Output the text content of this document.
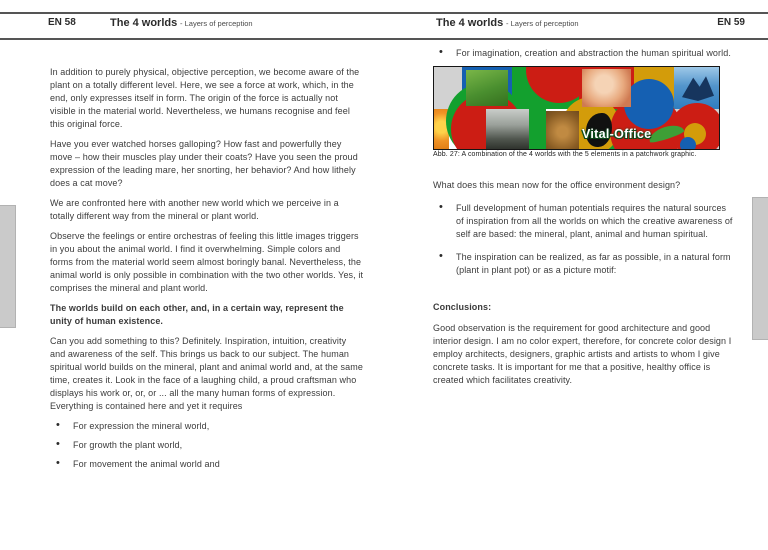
EN 58	The 4 worlds - Layers of perception	The 4 worlds - Layers of perception	EN 59

In addition to purely physical, objective perception, we become aware of the plant on a totally different level. Here, we see a force at work, which, in the end, only expresses itself in form. The origin of the force is actually not visible in the material world. Nevertheless, we humans recognise and feel this original force.

Have you ever watched horses galloping? How fast and powerfully they move – how their muscles play under their coats? Have you seen the proud expression of the leading mare, her snorting, her behavior? And how lithely does a cat move?

We are confronted here with another new world which we perceive in a totally different way from the mineral or plant world.

Observe the feelings or entire orchestras of feeling this little images triggers in you about the animal world. I find it overwhelming. Simple colors and forms from the material world seem almost boringly banal. Nevertheless, the animal world is only possible in combination with the two other worlds. Yes, it comprises the mineral and plant world.

The worlds build on each other, and, in a certain way, represent the unity of human existence.

Can you add something to this? Definitely. Inspiration, intuition, creativity and awareness of the self. This brings us back to our subject. The human spiritual world builds on the mineral, plant and animal world and, at the same time, creates it. Look in the face of a laughing child, a proud craftsman who displays his work or, or, or ... all the many human forms of expression. Everything is contained here and yet it requires

• For expression the mineral world,
• For growth the plant world,
• For movement the animal world and
• For imagination, creation and abstraction the human spiritual world.
Vital-Office

Abb. 27: A combination of the 4 worlds with the 5 elements in a patchwork graphic.

What does this mean now for the office environment design?

• Full development of human potentials requires the natural sources of inspiration from all the worlds on which the creative awareness of self are based: the mineral, plant, animal and human spiritual.
• The inspiration can be realized, as far as possible, in a natural form (plant in plant pot) or as a picture motif:

Conclusions:

Good observation is the requirement for good architecture and good interior design. I am no color expert, therefore, for concrete color design I employ architects, designers, graphic artists and artists to whom I give concrete tasks. It is important for me that a positive, healthy office is created which facilitates creativity.
